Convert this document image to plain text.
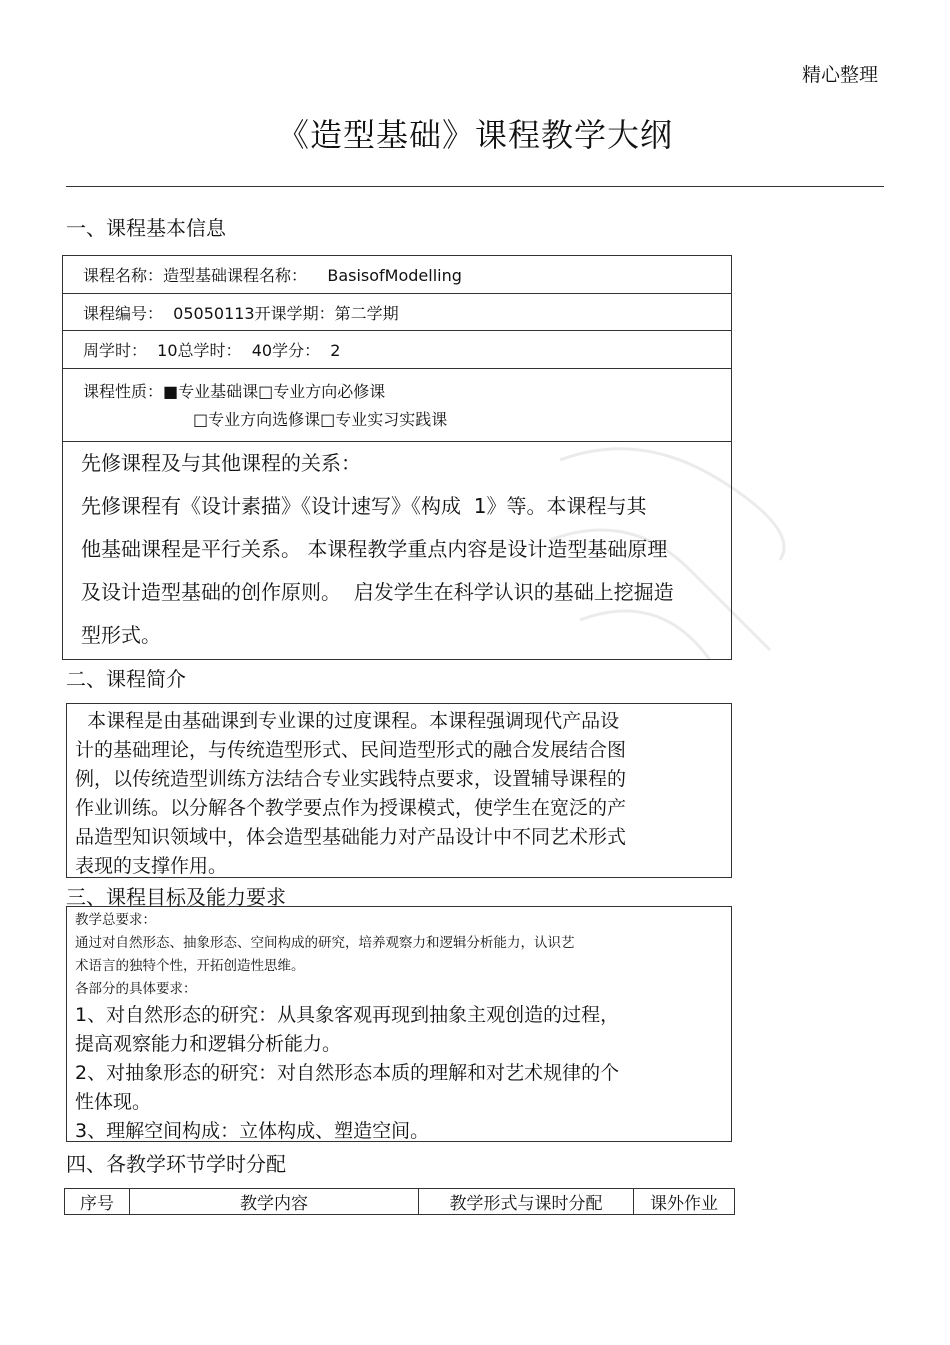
精心整理
《造型基础》课程教学大纲
一、课程基本信息
课程名称：造型基础课程名称：    BasisofModelling
课程编号：  05050113开课学期：第二学期
周学时：  10总学时：  40学分：  2
课程性质：■专业基础课□专业方向必修课
□专业方向选修课□专业实习实践课
先修课程及与其他课程的关系：
先修课程有《设计素描》《设计速写》《构成  1》等。本课程与其
他基础课程是平行关系。 本课程教学重点内容是设计造型基础原理
及设计造型基础的创作原则。  启发学生在科学认识的基础上挖掘造
型形式。
二、课程简介
本课程是由基础课到专业课的过度课程。本课程强调现代产品设
计的基础理论，与传统造型形式、民间造型形式的融合发展结合图
例，以传统造型训练方法结合专业实践特点要求，设置辅导课程的
作业训练。以分解各个教学要点作为授课模式，使学生在宽泛的产
品造型知识领域中，体会造型基础能力对产品设计中不同艺术形式
表现的支撑作用。
三、课程目标及能力要求
教学总要求：
通过对自然形态、抽象形态、空间构成的研究，培养观察力和逻辑分析能力，认识艺
术语言的独特个性，开拓创造性思维。
各部分的具体要求：
1、对自然形态的研究：从具象客观再现到抽象主观创造的过程，
提高观察能力和逻辑分析能力。
2、对抽象形态的研究：对自然形态本质的理解和对艺术规律的个
性体现。
3、理解空间构成：立体构成、塑造空间。
四、各教学环节学时分配
序号	教学内容	教学形式与课时分配	课外作业
